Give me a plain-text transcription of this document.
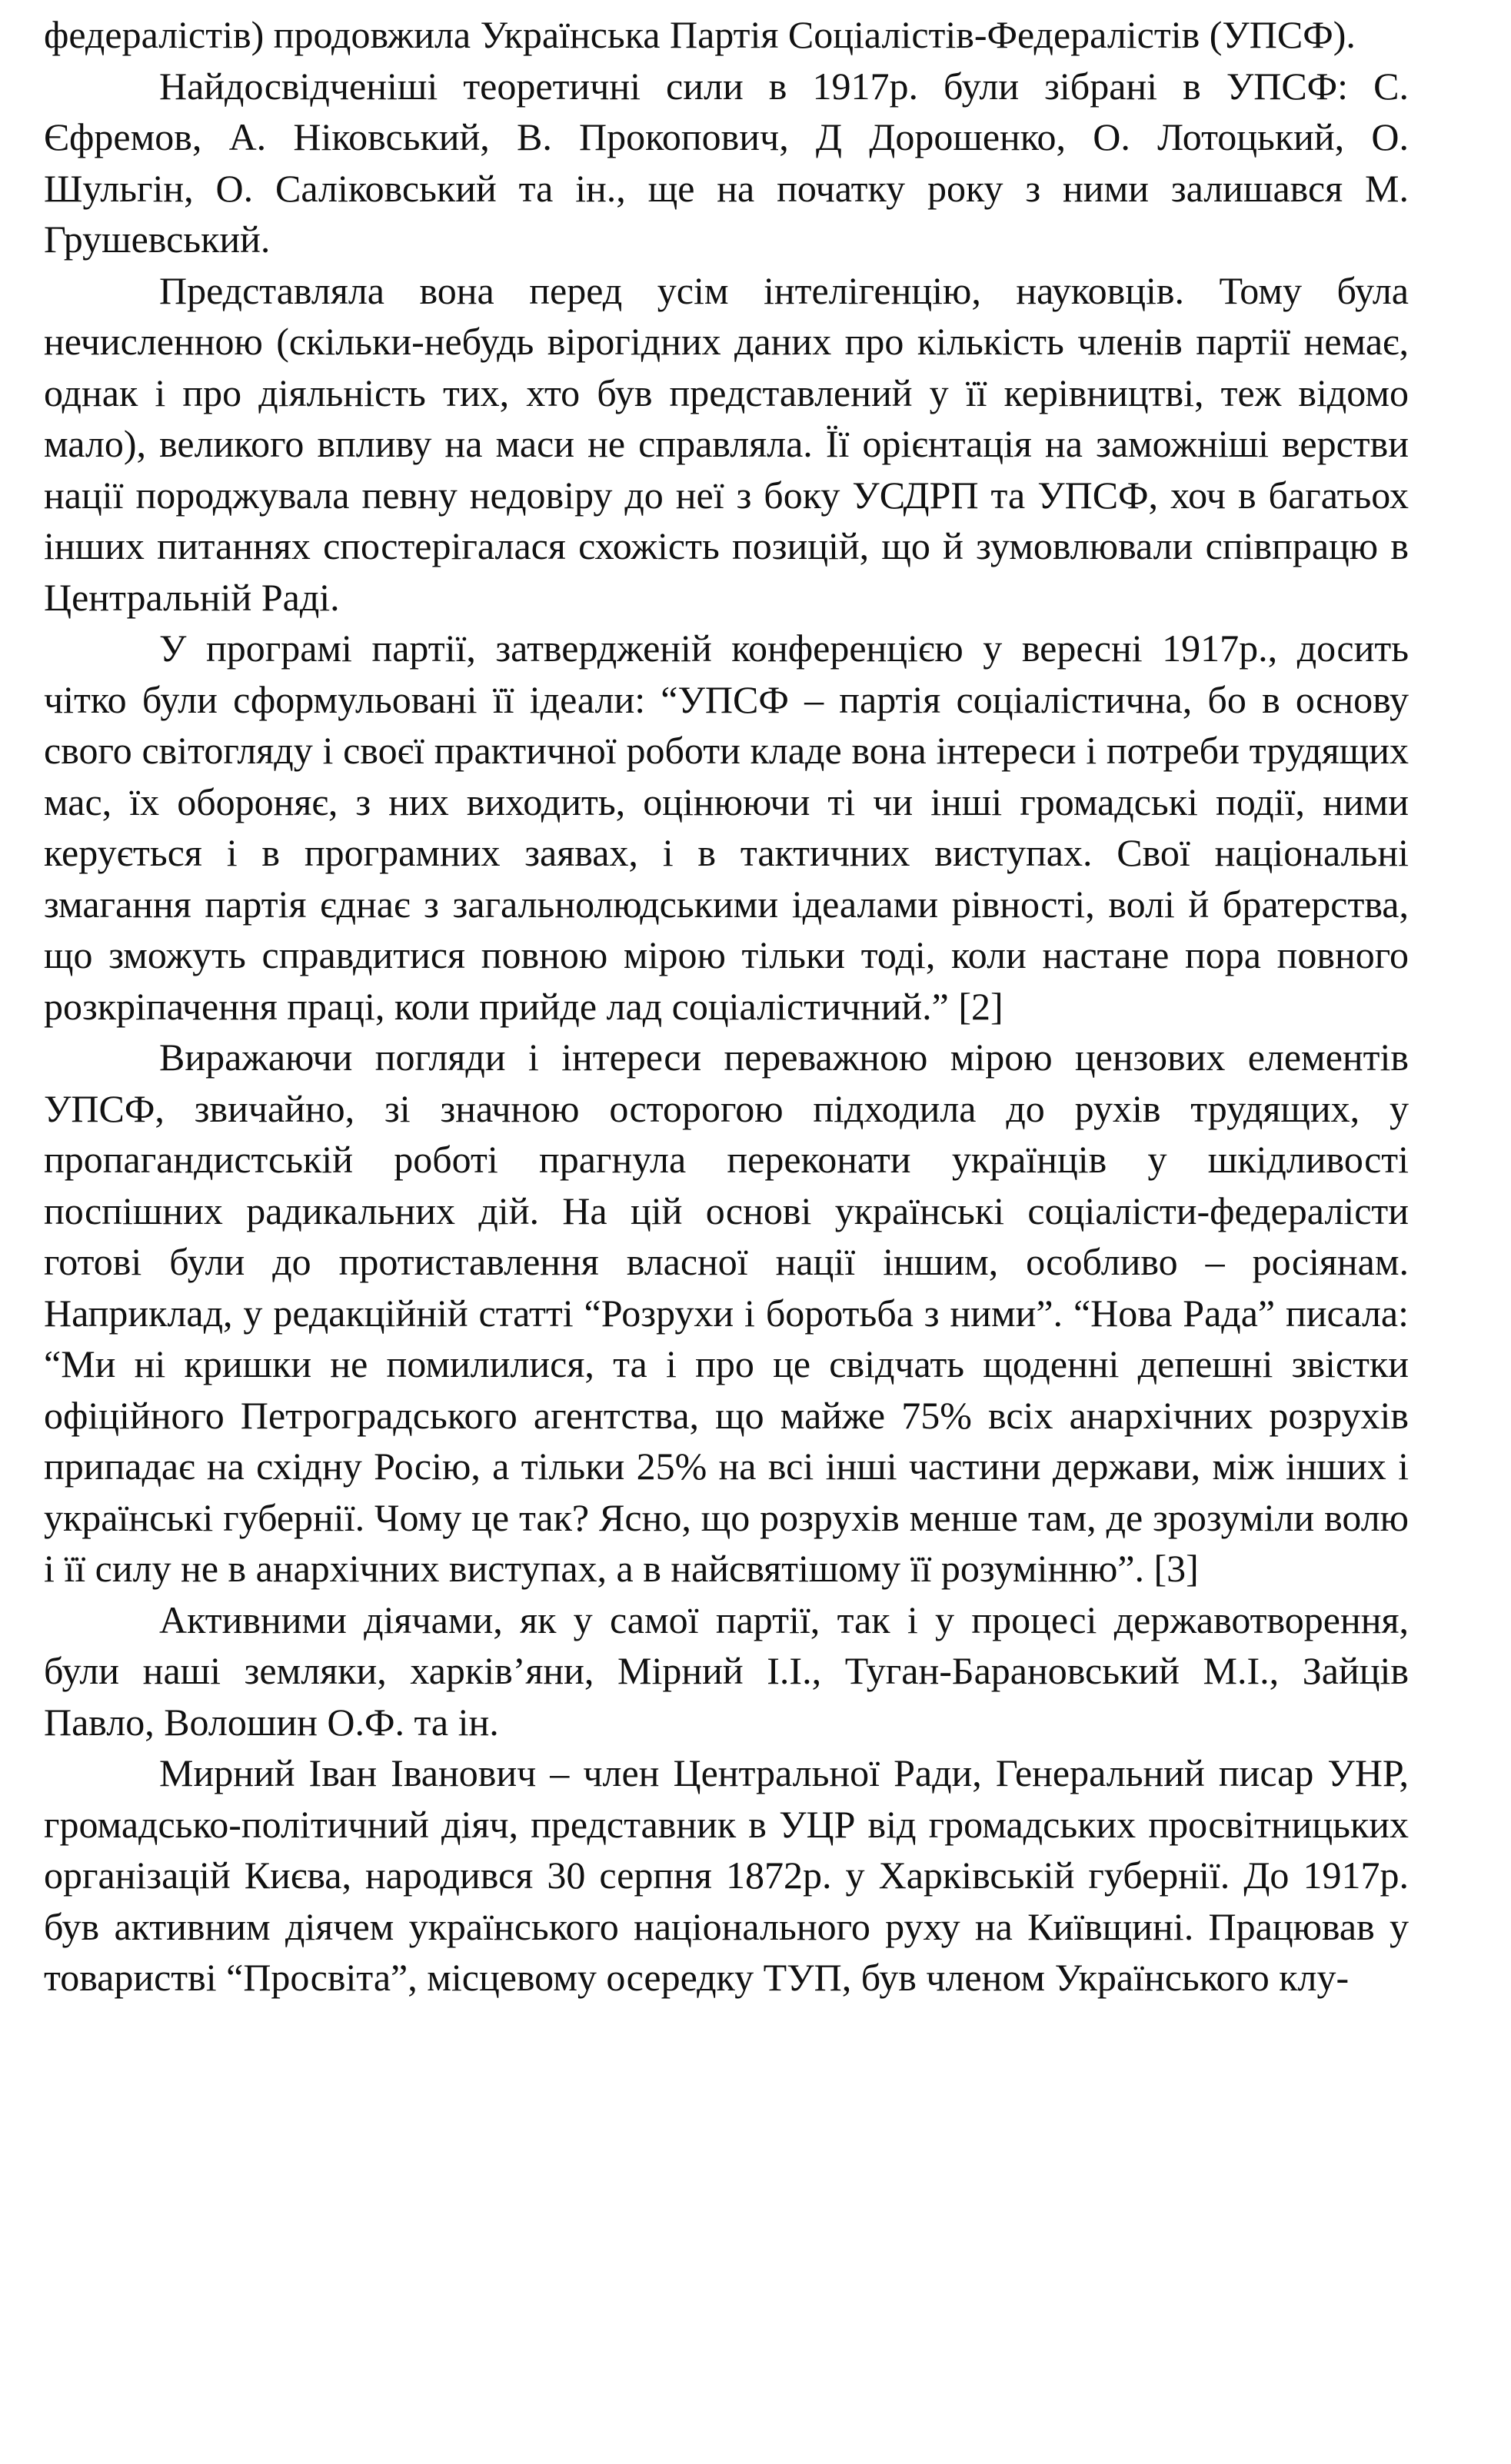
федералістів) продовжила Українська Партія Соціалістів-Федералістів (УПСФ).

Найдосвідченіші теоретичні сили в 1917р. були зібрані в УПСФ: С. Єфремов, А. Ніковський, В. Прокопович, Д Дорошенко, О. Лотоцький, О. Шульгін, О. Саліковський та ін., ще на початку року з ними залишався М. Грушевський.

Представляла вона перед усім інтелігенцію, науковців. Тому була нечисленною (скільки-небудь вірогідних даних про кількість членів партії немає, однак і про діяльність тих, хто був представлений у її керівництві, теж відомо мало), великого впливу на маси не справляла. Її орієнтація на заможніші верстви нації породжувала певну недовіру до неї з боку УСДРП та УПСФ, хоч в багатьох інших питаннях спостерігалася схожість позицій, що й зумовлювали співпрацю в Центральній Раді.

У програмі партії, затвердженій конференцією у вересні 1917р., досить чітко були сформульовані її ідеали: “УПСФ – партія соціалістична, бо в основу свого світогляду і своєї практичної роботи кладе вона інтереси і потреби трудящих мас, їх обороняє, з них виходить, оцінюючи ті чи інші громадські події, ними керується і в програмних заявах, і в тактичних виступах. Свої національні змагання партія єднає з загальнолюдськими ідеалами рівності, волі й братерства, що зможуть справдитися повною мірою тільки тоді, коли настане пора повного розкріпачення праці, коли прийде лад соціалістичний.” [2]

Виражаючи погляди і інтереси переважною мірою цензових елементів УПСФ, звичайно, зі значною осторогою підходила до рухів трудящих, у пропагандистській роботі прагнула переконати українців у шкідливості поспішних радикальних дій. На цій основі українські соціалісти-федералісти готові були до протиставлення власної нації іншим, особливо – росіянам. Наприклад, у редакційній статті “Розрухи і боротьба з ними”. “Нова Рада” писала: “Ми ні кришки не помилилися, та і про це свідчать щоденні депешні звістки офіційного Петроградського агентства, що майже 75% всіх анархічних розрухів припадає на східну Росію, а тільки 25% на всі інші частини держави, між інших і українські губернії. Чому це так? Ясно, що розрухів менше там, де зрозуміли волю і її силу не в анархічних виступах, а в найсвятішому її розумінню”. [3]

Активними діячами, як у самої партії, так і у процесі державотворення, були наші земляки, харків’яни, Мірний І.І., Туган-Барановський М.І., Зайців Павло, Волошин О.Ф. та ін.

Мирний Іван Іванович – член Центральної Ради, Генеральний писар УНР, громадсько-політичний діяч, представник в УЦР від громадських просвітницьких організацій Києва, народився 30 серпня 1872р. у Харківській губернії. До 1917р. був активним діячем українського національного руху на Київщині. Працював у товаристві “Просвіта”, місцевому осередку ТУП, був членом Українського клу-
